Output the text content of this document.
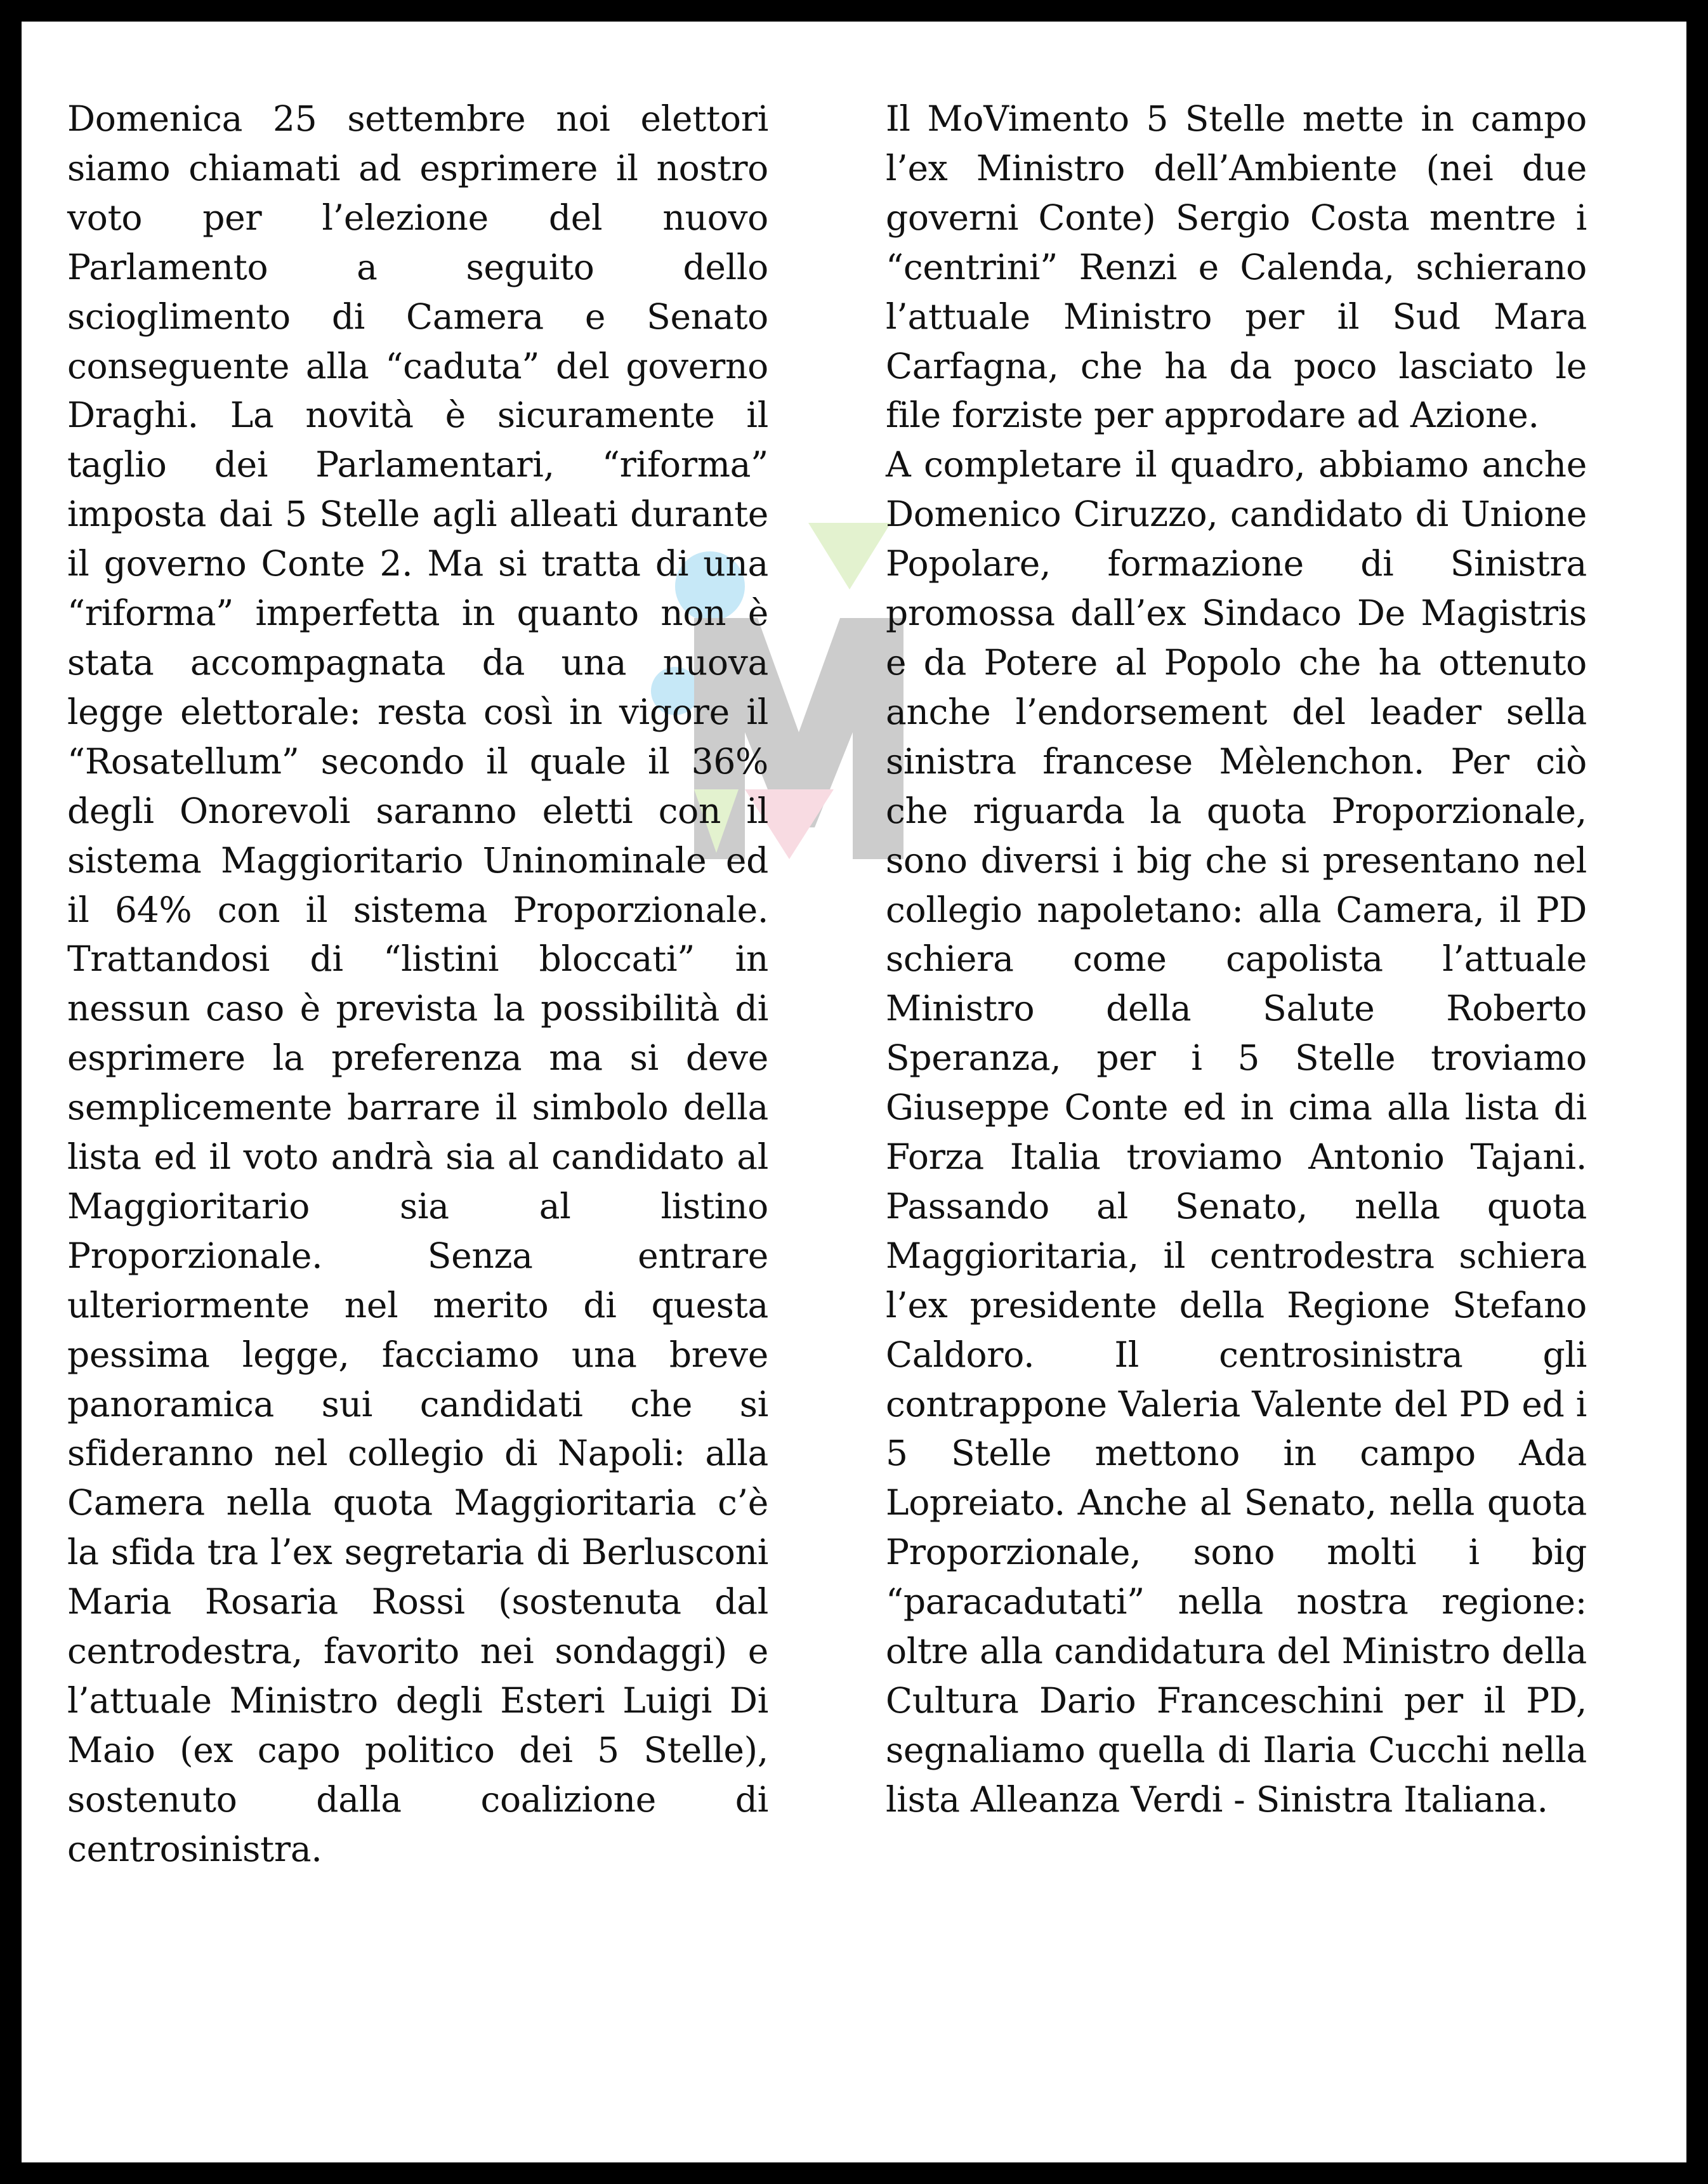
Domenica 25 settembre noi elettori siamo chiamati ad esprimere il nostro voto per l’elezione del nuovo Parlamento a seguito dello scioglimento di Camera e Senato conseguente alla “caduta” del governo Draghi. La novità è sicuramente il taglio dei Parlamentari, “riforma” imposta dai 5 Stelle agli alleati durante il governo Conte 2. Ma si tratta di una “riforma” imperfetta in quanto non è stata accompagnata da una nuova legge elettorale: resta così in vigore il “Rosatellum” secondo il quale il 36% degli Onorevoli saranno eletti con il sistema Maggioritario Uninominale ed il 64% con il sistema Proporzionale. Trattandosi di “listini bloccati” in nessun caso è prevista la possibilità di esprimere la preferenza ma si deve semplicemente barrare il simbolo della lista ed il voto andrà sia al candidato al Maggioritario sia al listino Proporzionale. Senza entrare ulteriormente nel merito di questa pessima legge, facciamo una breve panoramica sui candidati che si sfideranno nel collegio di Napoli: alla Camera nella quota Maggioritaria c’è la sfida tra l’ex segretaria di Berlusconi Maria Rosaria Rossi (sostenuta dal centrodestra, favorito nei sondaggi) e l’attuale Ministro degli Esteri Luigi Di Maio (ex capo politico dei 5 Stelle), sostenuto dalla coalizione di centrosinistra.

Il MoVimento 5 Stelle mette in campo l’ex Ministro dell’Ambiente (nei due governi Conte) Sergio Costa mentre i “centrini” Renzi e Calenda, schierano l’attuale Ministro per il Sud Mara Carfagna, che ha da poco lasciato le file forziste per approdare ad Azione.

A completare il quadro, abbiamo anche Domenico Ciruzzo, candidato di Unione Popolare, formazione di Sinistra promossa dall’ex Sindaco De Magistris e da Potere al Popolo che ha ottenuto anche l’endorsement del leader sella sinistra francese Mèlenchon. Per ciò che riguarda la quota Proporzionale, sono diversi i big che si presentano nel collegio napoletano: alla Camera, il PD schiera come capolista l’attuale Ministro della Salute Roberto Speranza, per i 5 Stelle troviamo Giuseppe Conte ed in cima alla lista di Forza Italia troviamo Antonio Tajani. Passando al Senato, nella quota Maggioritaria, il centrodestra schiera l’ex presidente della Regione Stefano Caldoro. Il centrosinistra gli contrappone Valeria Valente del PD ed i 5 Stelle mettono in campo Ada Lopreiato. Anche al Senato, nella quota Proporzionale, sono molti i big “paracadutati” nella nostra regione: oltre alla candidatura del Ministro della Cultura Dario Franceschini per il PD, segnaliamo quella di Ilaria Cucchi nella lista Alleanza Verdi - Sinistra Italiana.
